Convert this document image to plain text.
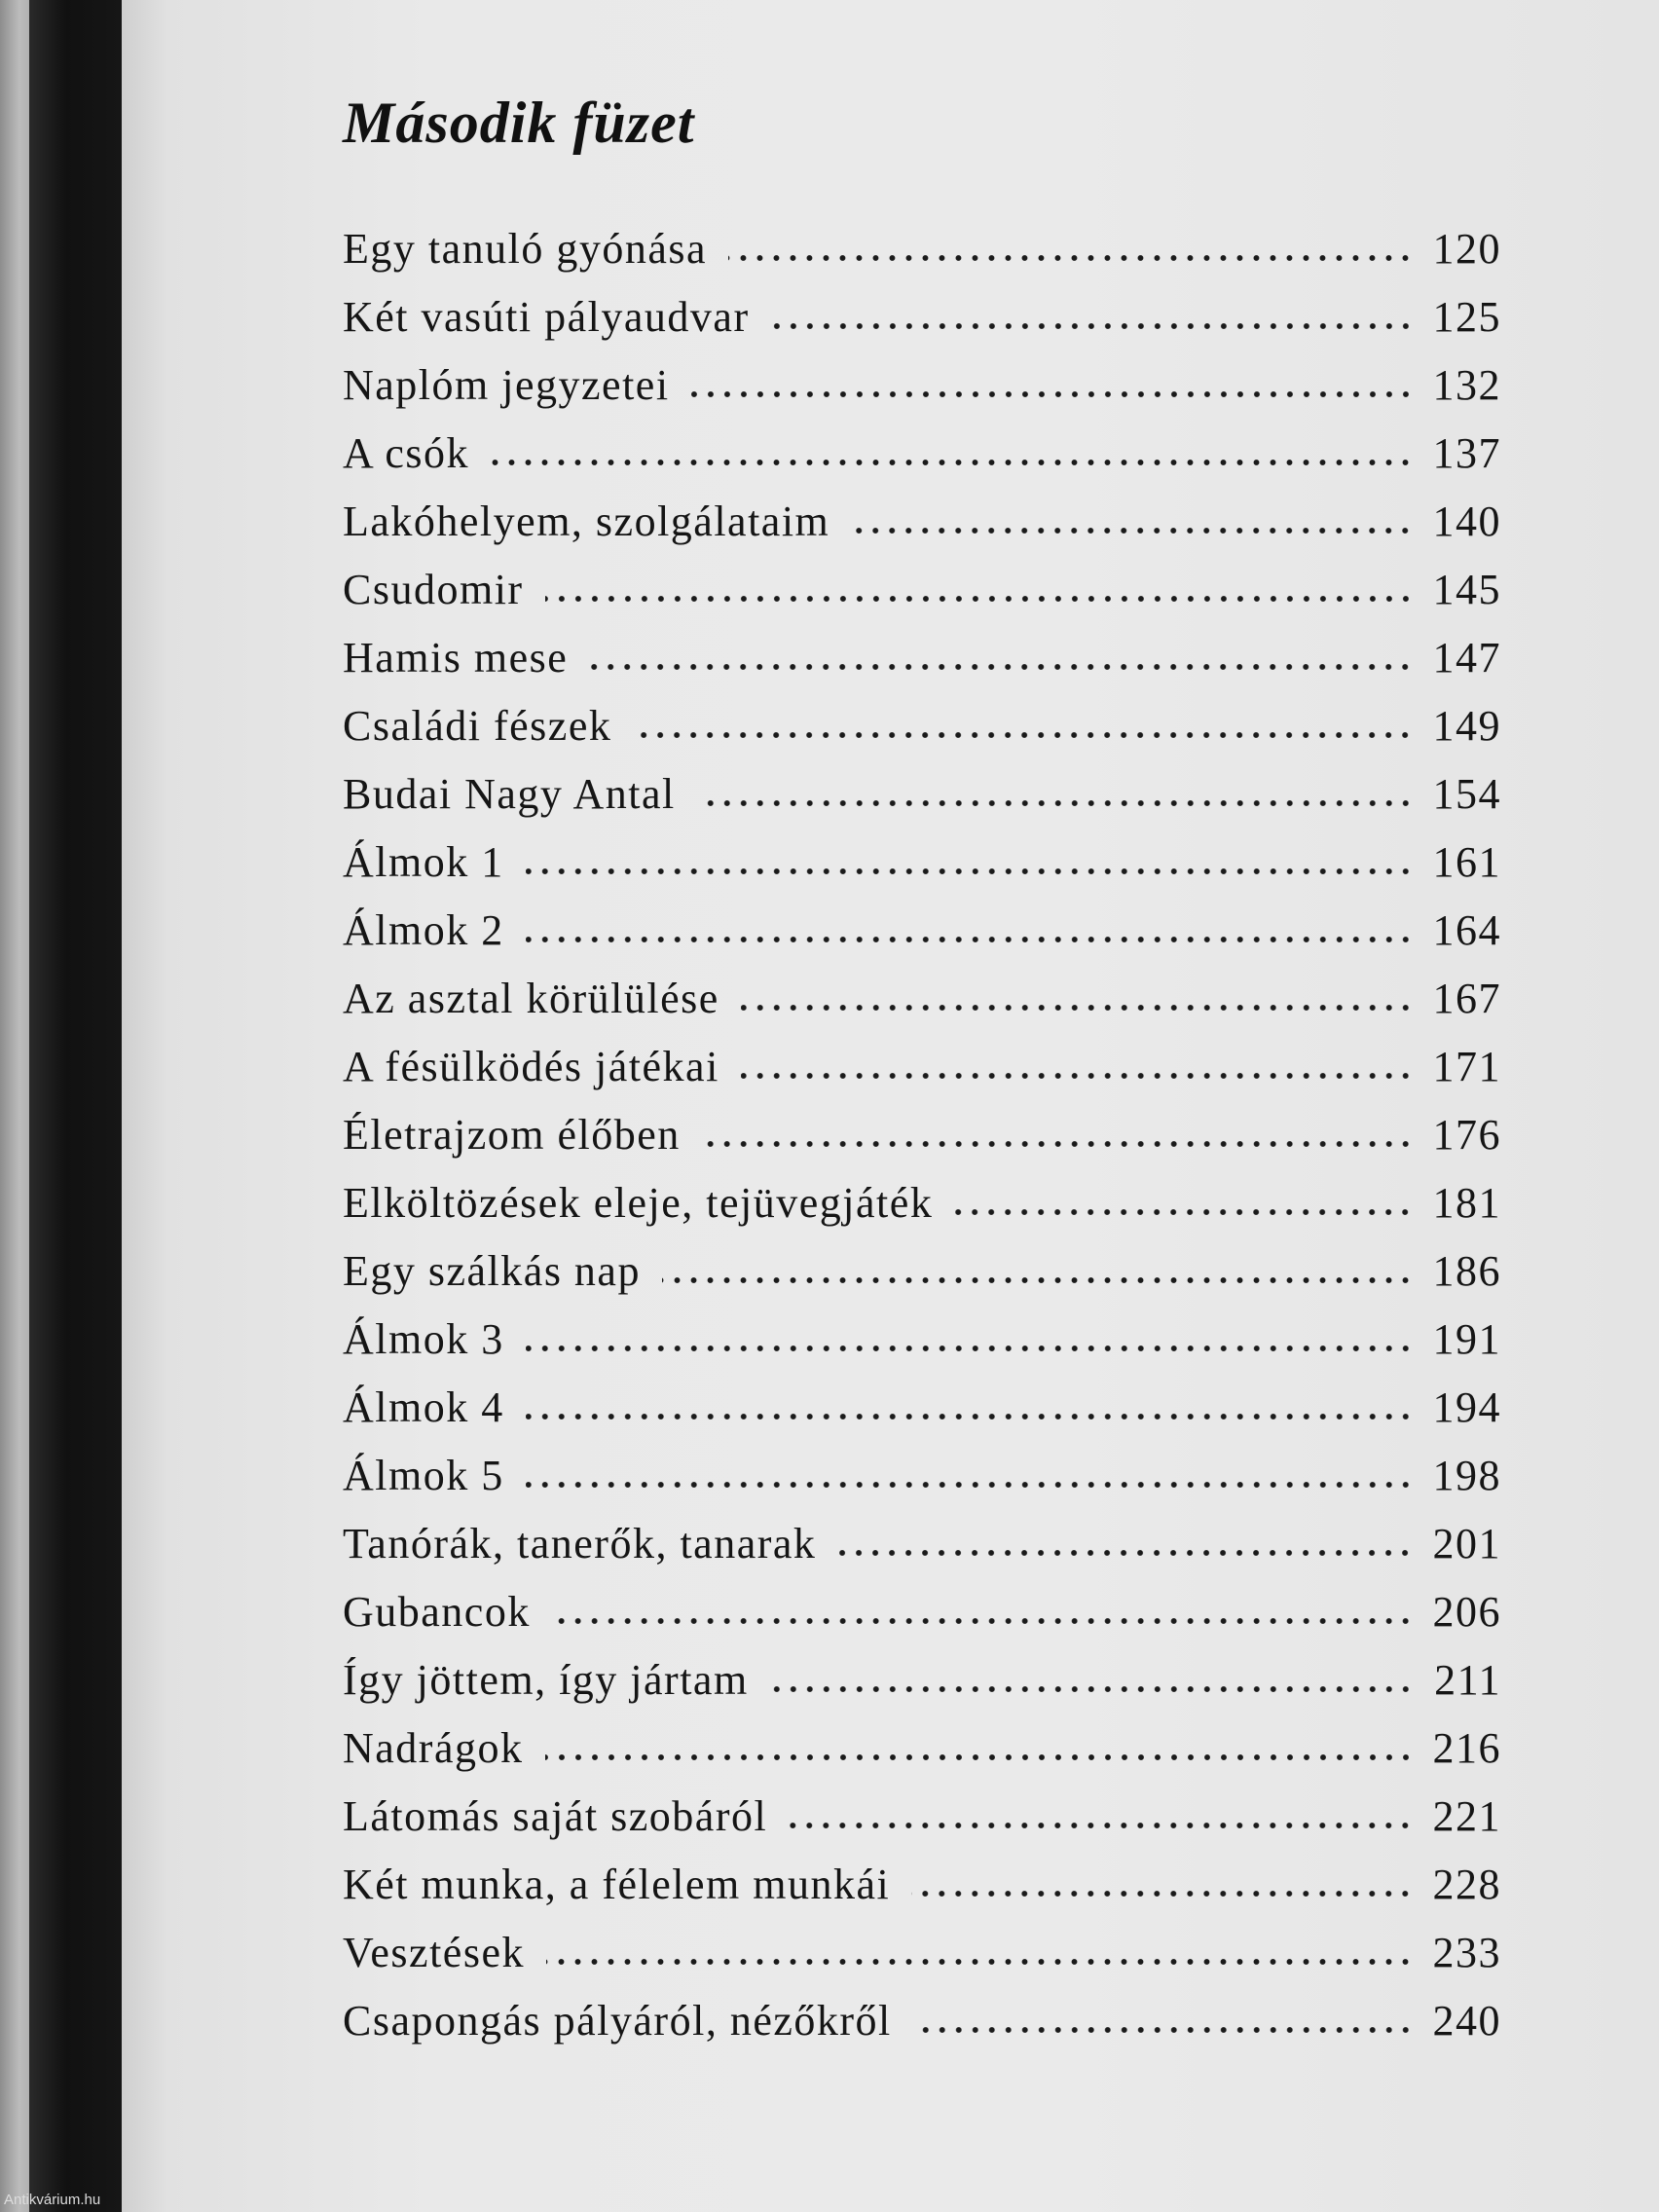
Második füzet
Egy tanuló gyónása	120
Két vasúti pályaudvar	125
Naplóm jegyzetei	132
A csók	137
Lakóhelyem, szolgálataim	140
Csudomir	145
Hamis mese	147
Családi fészek	149
Budai Nagy Antal	154
Álmok 1	161
Álmok 2	164
Az asztal körülülése	167
A fésülködés játékai	171
Életrajzom élőben	176
Elköltözések eleje, tejüvegjáték	181
Egy szálkás nap	186
Álmok 3	191
Álmok 4	194
Álmok 5	198
Tanórák, tanerők, tanarak	201
Gubancok	206
Így jöttem, így jártam	211
Nadrágok	216
Látomás saját szobáról	221
Két munka, a félelem munkái	228
Vesztések	233
Csapongás pályáról, nézőkről	240
Antikvárium.hu
